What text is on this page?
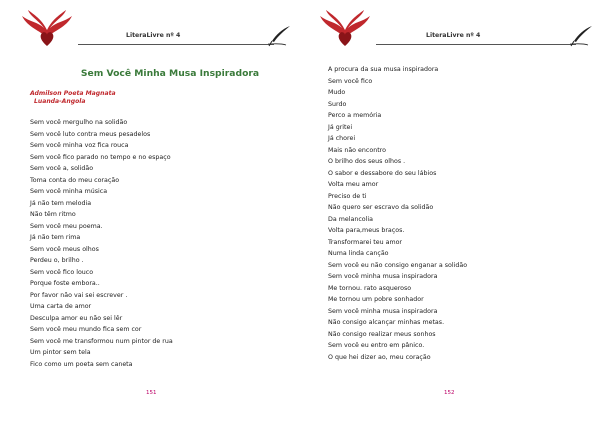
LiteraLivre nº 4
Sem Você Minha Musa Inspiradora
Admilson Poeta Magnata
Luanda-Angola
Sem você mergulho na solidão
Sem você luto contra meus pesadelos
Sem você minha voz fica rouca
Sem você fico parado no tempo e no espaço
Sem você a, solidão
Toma conta do meu coração
Sem você minha música
Já não tem melodia
Não têm ritmo
Sem você meu poema.
Já não tem rima
Sem você meus olhos
Perdeu o, brilho .
Sem você fico louco
Porque foste embora..
Por favor não vai sei escrever .
Uma carta de amor
Desculpa amor eu não sei lêr
Sem você meu mundo fica sem cor
Sem você me transformou num pintor de rua
Um pintor sem tela
Fico como um poeta sem caneta
151
LiteraLivre nº 4
A procura da sua musa inspiradora
Sem você fico
Mudo
Surdo
Perco a memória
Já gritei
Já chorei
Mais não encontro
O brilho dos seus olhos .
O sabor e dessabore do seu lábios
Volta meu amor
Preciso de ti
Não quero ser escravo da solidão
Da melancolia
Volta para,meus braços.
Transformarei teu amor
Numa linda canção
Sem você eu não consigo enganar a solidão
Sem você minha musa inspiradora
Me tornou. rato asqueroso
Me tornou um pobre sonhador
Sem você minha musa inspiradora
Não consigo alcançar minhas metas.
Não consigo realizar meus sonhos
Sem você eu entro em pânico.
O que hei dizer ao, meu coração
152
